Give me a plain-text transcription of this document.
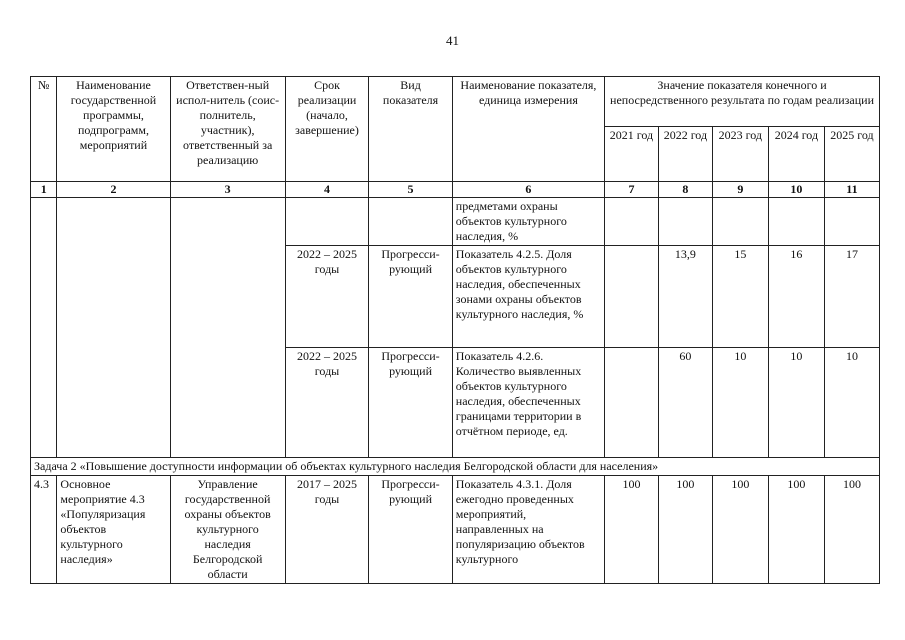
41
№	Наименование государственной программы, подпрограмм, мероприятий	Ответствен-ный испол-нитель (соис-полнитель, участник), ответственный за реализацию	Срок реализации (начало, завершение)	Вид показателя	Наименование показателя, единица измерения	Значение показателя конечного и непосредственного результата по годам реализации				
						2021 год	2022 год	2023 год	2024 год	2025 год
1	2	3	4	5	6	7	8	9	10	11
					предметами охраны объектов культурного наследия, %					
			2022 – 2025 годы	Прогресси-рующий	Показатель 4.2.5. Доля объектов культурного наследия, обеспеченных зонами охраны объектов культурного наследия, %		13,9	15	16	17
			2022 – 2025 годы	Прогресси-рующий	Показатель 4.2.6. Количество выявленных объектов культурного наследия, обеспеченных границами территории в отчётном периоде, ед.		60	10	10	10
Задача 2 «Повышение доступности информации об объектах культурного наследия Белгородской области для населения»										
4.3	Основное мероприятие 4.3 «Популяризация объектов культурного наследия»	Управление государственной охраны объектов культурного наследия Белгородской области	2017 – 2025 годы	Прогресси-рующий	Показатель 4.3.1. Доля ежегодно проведенных мероприятий, направленных на популяризацию объектов культурного	100	100	100	100	100
